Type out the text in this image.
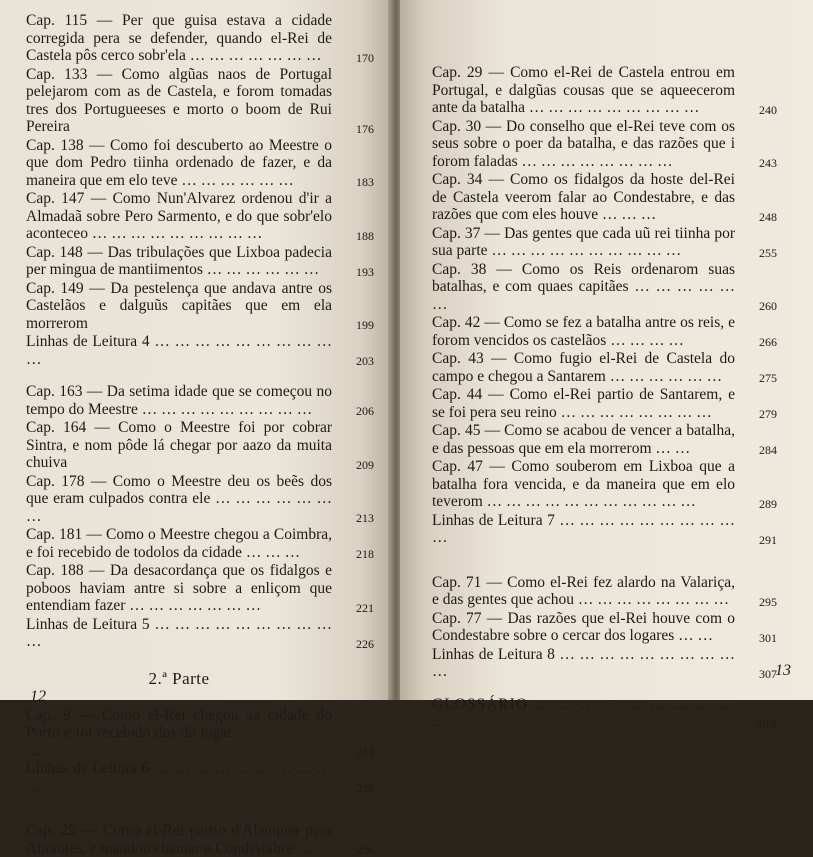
Cap. 115 — Per que guisa estava a cidade corregida pera se defender, quando el-Rei de Castela pôs cerco sobr'ela … … … … … … …	170
Cap. 133 — Como algũas naos de Portugal pelejarom com as de Castela, e forom tomadas tres dos Portugueeses e morto o boom de Rui Pereira	176
Cap. 138 — Como foi descuberto ao Meestre o que dom Pedro tiinha ordenado de fazer, e da maneira que em elo teve … … … … … …	183
Cap. 147 — Como Nun'Alvarez ordenou d'ir a Almadaã sobre Pero Sarmento, e do que sobr'elo aconteceo … … … … … … … … …	188
Cap. 148 — Das tribulações que Lixboa padecia per mingua de mantiimentos … … … … … …	193
Cap. 149 — Da pestelença que andava antre os Castelãos e dalguũs capitães que em ela morrerom	199
Linhas de Leitura 4 … … … … … … … … … …	203
Cap. 163 — Da setima idade que se começou no tempo do Meestre … … … … … … … … …	206
Cap. 164 — Como o Meestre foi por cobrar Sintra, e nom pôde lá chegar por aazo da muita chuiva	209
Cap. 178 — Como o Meestre deu os beẽs dos que eram culpados contra ele … … … … … … …	213
Cap. 181 — Como o Meestre chegou a Coimbra, e foi recebido de todolos da cidade … … …	218
Cap. 188 — Da desacordança que os fidalgos e poboos haviam antre si sobre a enliçom que entendiam fazer … … … … … … …	221
Linhas de Leitura 5 … … … … … … … … … …	226
2.ª Parte
Cap. 9 — Como el-Rei chegou aa cidade do Porto e foi recebido dos do logar … … … … … …	231
Linhas de Leitura 6 … … … … … … … … … …	236
Cap. 25 — Como el-Rei partio d'Alanquer pera Abrantes, e mandou chamar o Condestabre …	236
12
Cap. 29 — Como el-Rei de Castela entrou em Portugal, e dalgũas cousas que se aqueecerom ante da batalha … … … … … … … … …	240
Cap. 30 — Do conselho que el-Rei teve com os seus sobre o poer da batalha, e das razões que i forom faladas … … … … … … … …	243
Cap. 34 — Como os fidalgos da hoste del-Rei de Castela veerom falar ao Condestabre, e das razões que com eles houve … … …	248
Cap. 37 — Das gentes que cada uũ rei tiinha por sua parte … … … … … … … … … …	255
Cap. 38 — Como os Reis ordenarom suas batalhas, e com quaes capitães … … … … … …	260
Cap. 42 — Como se fez a batalha antre os reis, e forom vencidos os castelãos … … … …	266
Cap. 43 — Como fugio el-Rei de Castela do campo e chegou a Santarem … … … … … …	275
Cap. 44 — Como el-Rei partio de Santarem, e se foi pera seu reino … … … … … … … …	279
Cap. 45 — Como se acabou de vencer a batalha, e das pessoas que em ela morrerom … …	284
Cap. 47 — Como souberom em Lixboa que a batalha fora vencida, e da maneira que em elo teverom … … … … … … … … … … …	289
Linhas de Leitura 7 … … … … … … … … … …	291
Cap. 71 — Como el-Rei fez alardo na Valariça, e das gentes que achou … … … … … … … … 295
Cap. 77 — Das razões que el-Rei houve com o Condestabre sobre o cercar dos logares … …	301
Linhas de Leitura 8 … … … … … … … … … …	307
GLOSSÁRIO … … … … … … … … … … …	309
13
